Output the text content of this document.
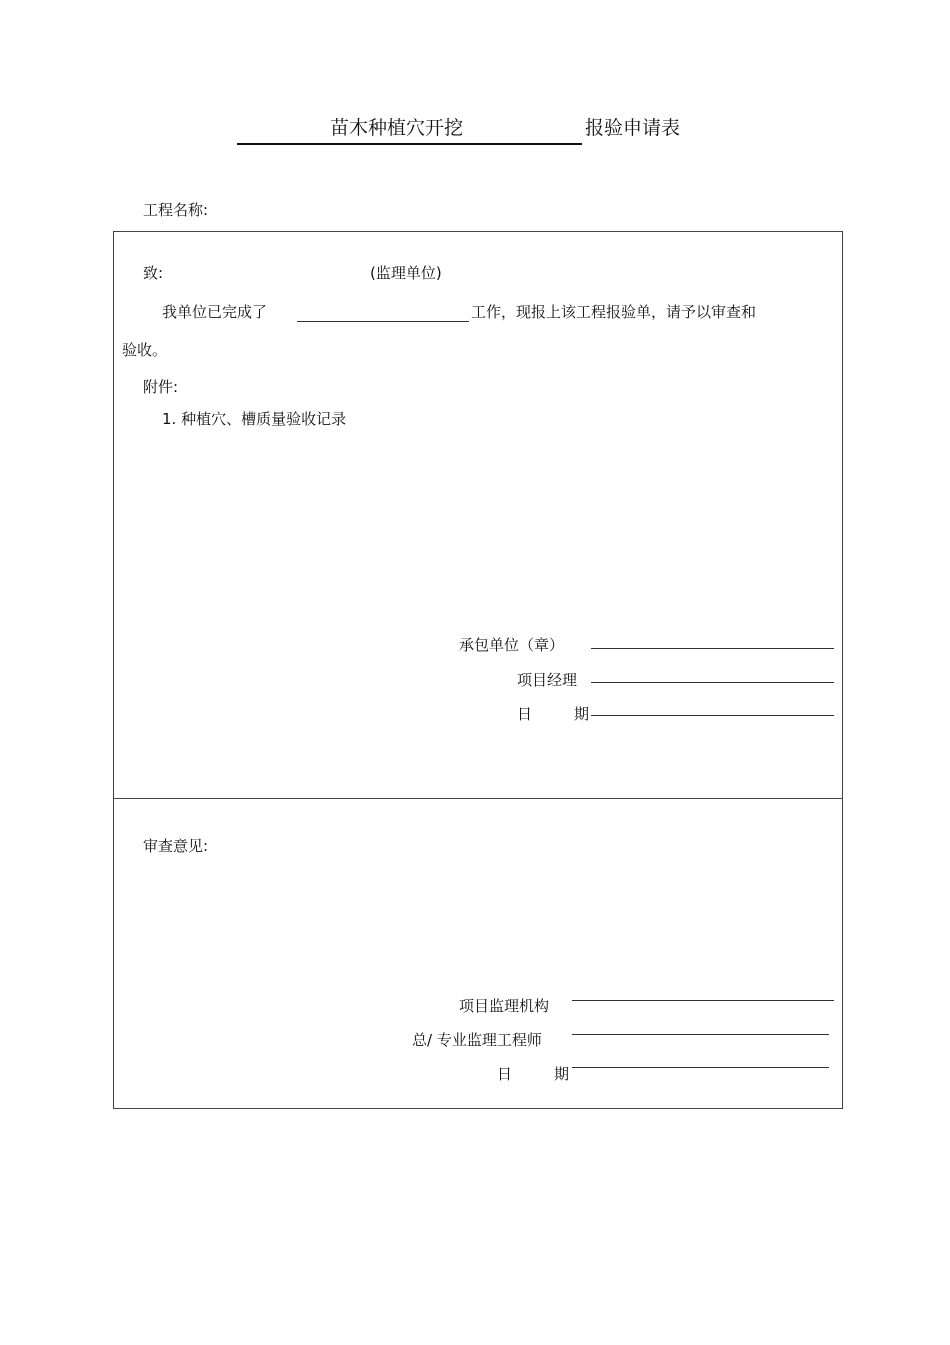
苗木种植穴开挖	报验申请表
工程名称:
致:	(监理单位)
我单位已完成了	工作，现报上该工程报验单，请予以审查和
验收。
附件:
1. 种植穴、槽质量验收记录
承包单位（章）
项目经理
日	期
审查意见:
项目监理机构
总/ 专业监理工程师
日	期
